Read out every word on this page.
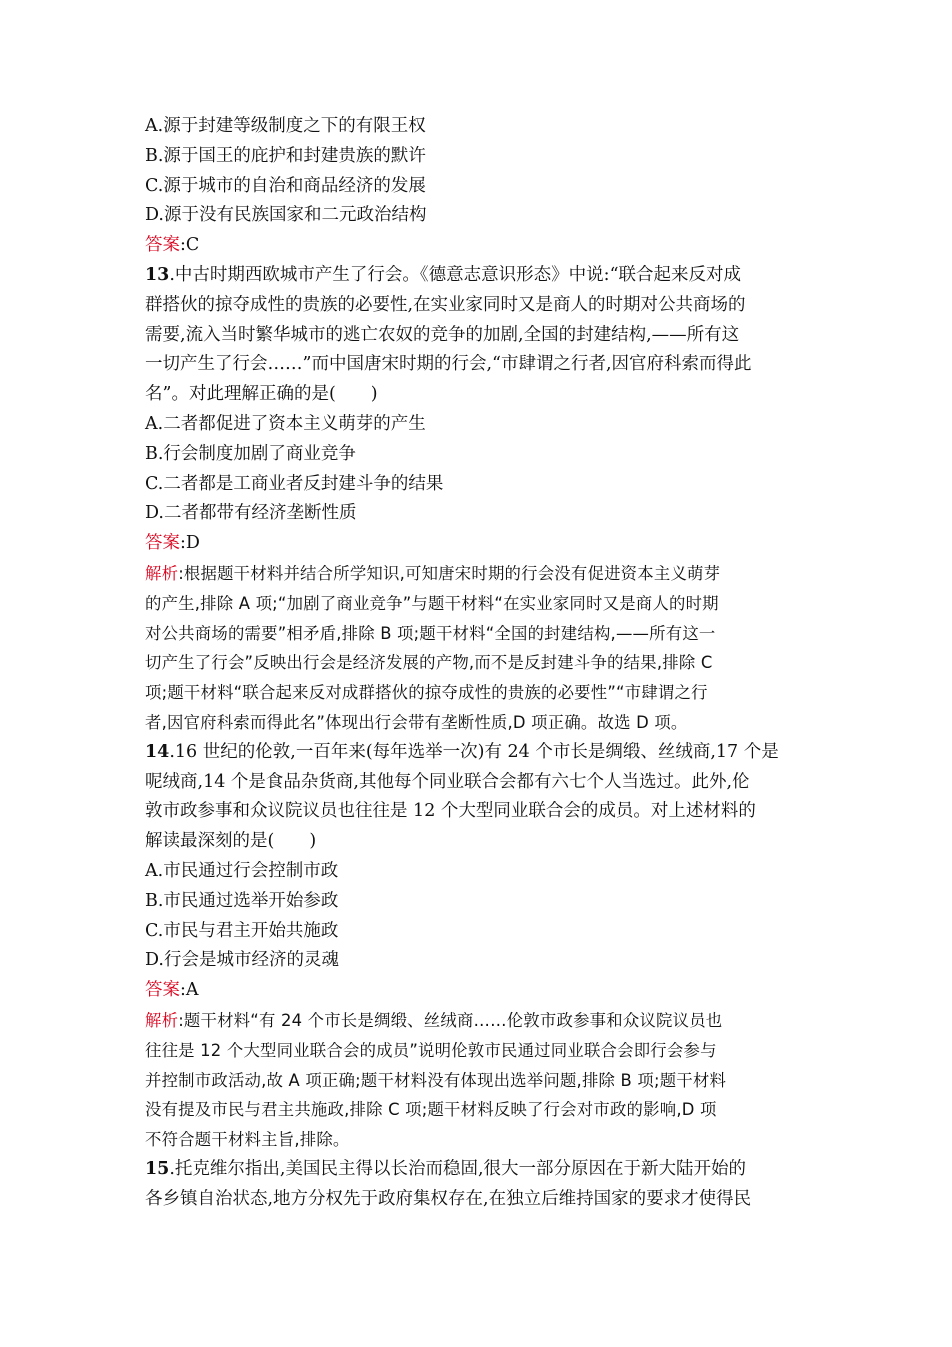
A.源于封建等级制度之下的有限王权
B.源于国王的庇护和封建贵族的默许
C.源于城市的自治和商品经济的发展
D.源于没有民族国家和二元政治结构
答案:C
13.中古时期西欧城市产生了行会。《德意志意识形态》中说:“联合起来反对成
群搭伙的掠夺成性的贵族的必要性,在实业家同时又是商人的时期对公共商场的
需要,流入当时繁华城市的逃亡农奴的竞争的加剧,全国的封建结构,——所有这
一切产生了行会……”而中国唐宋时期的行会,“市肆谓之行者,因官府科索而得此
名”。对此理解正确的是(　　)
A.二者都促进了资本主义萌芽的产生
B.行会制度加剧了商业竞争
C.二者都是工商业者反封建斗争的结果
D.二者都带有经济垄断性质
答案:D
解析:根据题干材料并结合所学知识,可知唐宋时期的行会没有促进资本主义萌芽
的产生,排除 A 项;“加剧了商业竞争”与题干材料“在实业家同时又是商人的时期
对公共商场的需要”相矛盾,排除 B 项;题干材料“全国的封建结构,——所有这一
切产生了行会”反映出行会是经济发展的产物,而不是反封建斗争的结果,排除 C
项;题干材料“联合起来反对成群搭伙的掠夺成性的贵族的必要性”“市肆谓之行
者,因官府科索而得此名”体现出行会带有垄断性质,D 项正确。故选 D 项。
14.16 世纪的伦敦,一百年来(每年选举一次)有 24 个市长是绸缎、丝绒商,17 个是
呢绒商,14 个是食品杂货商,其他每个同业联合会都有六七个人当选过。此外,伦
敦市政参事和众议院议员也往往是 12 个大型同业联合会的成员。对上述材料的
解读最深刻的是(　　)
A.市民通过行会控制市政
B.市民通过选举开始参政
C.市民与君主开始共施政
D.行会是城市经济的灵魂
答案:A
解析:题干材料“有 24 个市长是绸缎、丝绒商……伦敦市政参事和众议院议员也
往往是 12 个大型同业联合会的成员”说明伦敦市民通过同业联合会即行会参与
并控制市政活动,故 A 项正确;题干材料没有体现出选举问题,排除 B 项;题干材料
没有提及市民与君主共施政,排除 C 项;题干材料反映了行会对市政的影响,D 项
不符合题干材料主旨,排除。
15.托克维尔指出,美国民主得以长治而稳固,很大一部分原因在于新大陆开始的
各乡镇自治状态,地方分权先于政府集权存在,在独立后维持国家的要求才使得民
